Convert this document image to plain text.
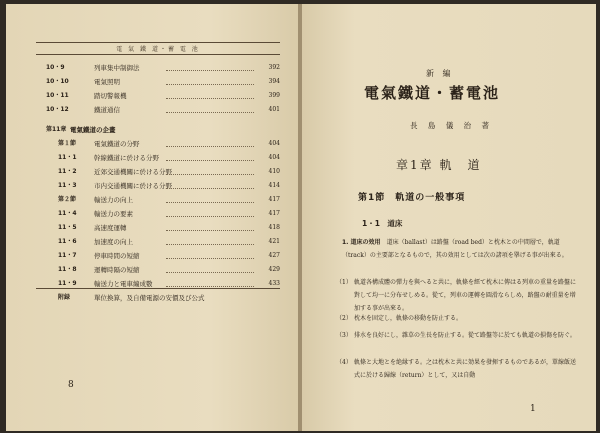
電 氣 鐵 道・蓄 電 池
10・9	列車集中制御法	392
10・10	電氣照明	394
10・11	踏切警報機	399
10・12	鐵道通信	401
第11章 電氣鐵道の企畫
第１節	電氣鐵道の分野	404
11・1	幹線鐵道に於ける分野	404
11・2	近郊交通機關に於ける分野	410
11・3	市内交通機關に於ける分野	414
第２節	輸送力の向上	417
11・4	輸送力の要素	417
11・5	高速度運轉	418
11・6	加速度の向上	421
11・7	停車時間の短縮	427
11・8	運轉時隔の短縮	429
11・9	輸送力と電車編成數	433
附録	單位換算，及自備電源の安價及び公式
8
新 編
電氣鐵道・蓄電池
長 島 儀 治 著
章1章 軌　道
第1節　軌道の一般事項
1・1　道床
1. 道床の效用　 道床（ballast）は路盤（road bed）と枕木との中間層で，軌道（track）の主要部となるもので，其の效用としては次の諸項を擧げる事が出來る。
（1） 軌道各構成體の彈力を與へると共に，軌條を經て枕木に傳はる列車の重量を路盤に對して均一に分布せしめる。從て，列車の運轉を圓滑ならしめ，路盤の耐重量を増加する事が出來る。
（2） 枕木を固定し，軌條の移動を防止する。
（3） 排水を良好にし，雜草の生長を防止する。從て路盤等に於ても軌道の損傷を防ぐ。
（4） 軌條と大地とを絶縁する。之は枕木と共に効果を發揮するものであるが，單線飯送式に於ける歸線（return）として，又は自動
1
